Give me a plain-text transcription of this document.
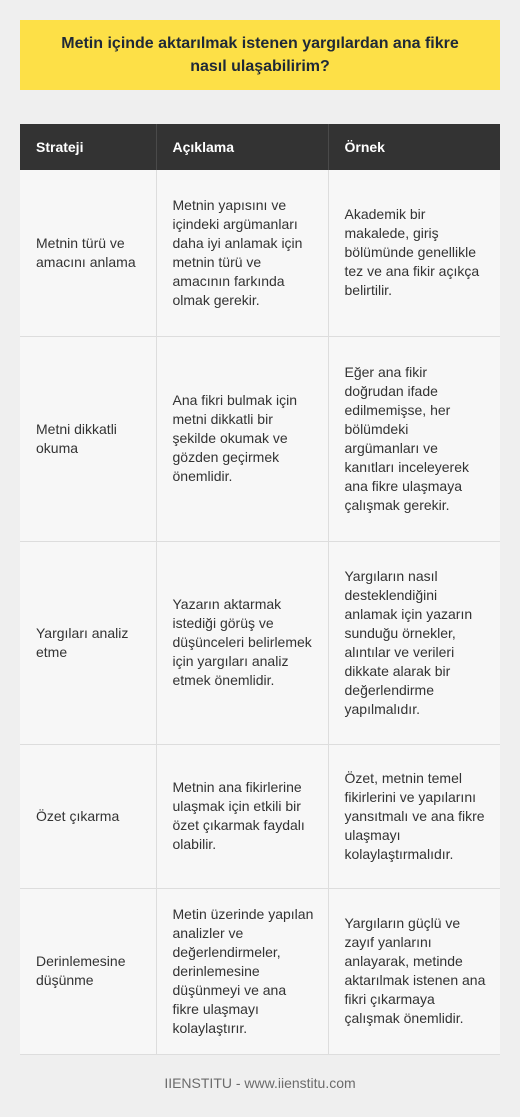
Metin içinde aktarılmak istenen yargılardan ana fikre nasıl ulaşabilirim?
Strateji	Açıklama	Örnek
Metnin türü ve amacını anlama	Metnin yapısını ve içindeki argümanları daha iyi anlamak için metnin türü ve amacının farkında olmak gerekir.	Akademik bir makalede, giriş bölümünde genellikle tez ve ana fikir açıkça belirtilir.
Metni dikkatli okuma	Ana fikri bulmak için metni dikkatli bir şekilde okumak ve gözden geçirmek önemlidir.	Eğer ana fikir doğrudan ifade edilmemişse, her bölümdeki argümanları ve kanıtları inceleyerek ana fikre ulaşmaya çalışmak gerekir.
Yargıları analiz etme	Yazarın aktarmak istediği görüş ve düşünceleri belirlemek için yargıları analiz etmek önemlidir.	Yargıların nasıl desteklendiğini anlamak için yazarın sunduğu örnekler, alıntılar ve verileri dikkate alarak bir değerlendirme yapılmalıdır.
Özet çıkarma	Metnin ana fikirlerine ulaşmak için etkili bir özet çıkarmak faydalı olabilir.	Özet, metnin temel fikirlerini ve yapılarını yansıtmalı ve ana fikre ulaşmayı kolaylaştırmalıdır.
Derinlemesine düşünme	Metin üzerinde yapılan analizler ve değerlendirmeler, derinlemesine düşünmeyi ve ana fikre ulaşmayı kolaylaştırır.	Yargıların güçlü ve zayıf yanlarını anlayarak, metinde aktarılmak istenen ana fikri çıkarmaya çalışmak önemlidir.
IIENSTITU - www.iienstitu.com
